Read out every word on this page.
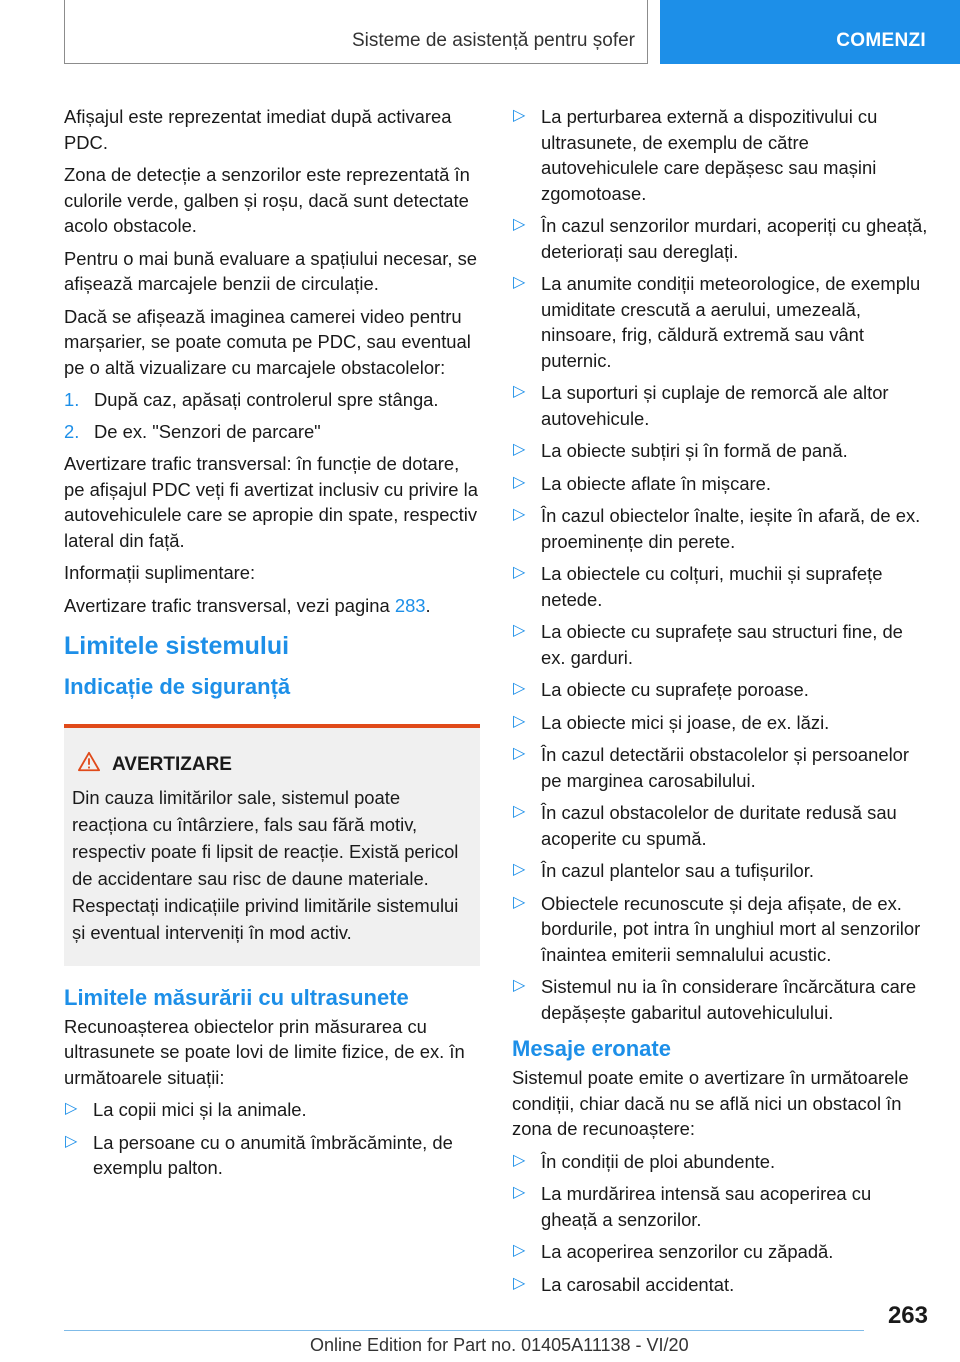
Sisteme de asistență pentru șofer	COMENZI

Afișajul este reprezentat imediat după activarea PDC.

Zona de detecție a senzorilor este reprezentată în culorile verde, galben și roșu, dacă sunt detectate acolo obstacole.

Pentru o mai bună evaluare a spațiului necesar, se afișează marcajele benzii de circulație.

Dacă se afișează imaginea camerei video pentru marșarier, se poate comuta pe PDC, sau eventual pe o altă vizualizare cu marcajele obstacolelor:

1. După caz, apăsați controlerul spre stânga.
2. De ex. "Senzori de parcare"

Avertizare trafic transversal: în funcție de dotare, pe afișajul PDC veți fi avertizat inclusiv cu privire la autovehiculele care se apropie din spate, respectiv lateral din față.

Informații suplimentare:

Avertizare trafic transversal, vezi pagina 283.

Limitele sistemului
Indicație de siguranță
AVERTIZARE
Din cauza limitărilor sale, sistemul poate reacționa cu întârziere, fals sau fără motiv, respectiv poate fi lipsit de reacție. Există pericol de accidentare sau risc de daune materiale. Respectați indicațiile privind limitările sistemului și eventual interveniți în mod activ.
Limitele măsurării cu ultrasunete

Recunoașterea obiectelor prin măsurarea cu ultrasunete se poate lovi de limite fizice, de ex. în următoarele situații:

▷ La copii mici și la animale.
▷ La persoane cu o anumită îmbrăcăminte, de exemplu palton.
▷ La perturbarea externă a dispozitivului cu ultrasunete, de exemplu de către autovehiculele care depășesc sau mașini zgomotoase.
▷ În cazul senzorilor murdari, acoperiți cu gheață, deteriorați sau dereglați.
▷ La anumite condiții meteorologice, de exemplu umiditate crescută a aerului, umezeală, ninsoare, frig, căldură extremă sau vânt puternic.
▷ La suporturi și cuplaje de remorcă ale altor autovehicule.
▷ La obiecte subțiri și în formă de pană.
▷ La obiecte aflate în mișcare.
▷ În cazul obiectelor înalte, ieșite în afară, de ex. proeminențe din perete.
▷ La obiectele cu colțuri, muchii și suprafețe netede.
▷ La obiecte cu suprafețe sau structuri fine, de ex. garduri.
▷ La obiecte cu suprafețe poroase.
▷ La obiecte mici și joase, de ex. lăzi.
▷ În cazul detectării obstacolelor și persoanelor pe marginea carosabilului.
▷ În cazul obstacolelor de duritate redusă sau acoperite cu spumă.
▷ În cazul plantelor sau a tufișurilor.
▷ Obiectele recunoscute și deja afișate, de ex. bordurile, pot intra în unghiul mort al senzorilor înaintea emiterii semnalului acustic.
▷ Sistemul nu ia în considerare încărcătura care depășește gabaritul autovehiculului.
Mesaje eronate

Sistemul poate emite o avertizare în următoarele condiții, chiar dacă nu se află nici un obstacol în zona de recunoaștere:

▷ În condiții de ploi abundente.
▷ La murdărirea intensă sau acoperirea cu gheață a senzorilor.
▷ La acoperirea senzorilor cu zăpadă.
▷ La carosabil accidentat.
263
Online Edition for Part no. 01405A11138 - VI/20
